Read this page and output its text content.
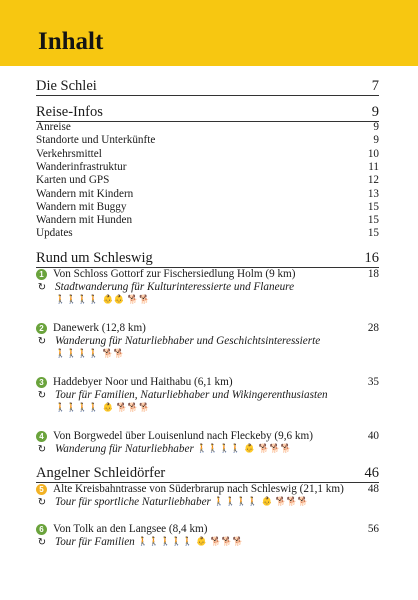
Inhalt
Die Schlei	7
Reise-Infos	9
Anreise	9
Standorte und Unterkünfte	9
Verkehrsmittel	10
Wanderinfrastruktur	11
Karten und GPS	12
Wandern mit Kindern	13
Wandern mit Buggy	15
Wandern mit Hunden	15
Updates	15
Rund um Schleswig	16
1 Von Schloss Gottorf zur Fischersiedlung Holm (9 km)	18
↻ Stadtwanderung für Kulturinteressierte und Flaneure
🚶🚶🚶🚶 👶👶 🐕🐕
2 Danewerk (12,8 km)	28
↻ Wanderung für Naturliebhaber und Geschichtsinteressierte
🚶🚶🚶🚶 🐕🐕
3 Haddebyer Noor und Haithabu (6,1 km)	35
↻ Tour für Familien, Naturliebhaber und Wikingerenthusiasten
🚶🚶🚶🚶 👶 🐕🐕🐕
4 Von Borgwedel über Louisenlund nach Fleckeby (9,6 km)	40
↻ Wanderung für Naturliebhaber 🚶🚶🚶🚶 👶 🐕🐕🐕
Angelner Schleidörfer	46
5 Alte Kreisbahntrasse von Süderbrarup nach Schleswig (21,1 km) 48
↻ Tour für sportliche Naturliebhaber 🚶🚶🚶🚶 👶 🐕🐕🐕
6 Von Tolk an den Langsee (8,4 km)	56
↻ Tour für Familien 🚶🚶🚶🚶🚶 👶 🐕🐕🐕
